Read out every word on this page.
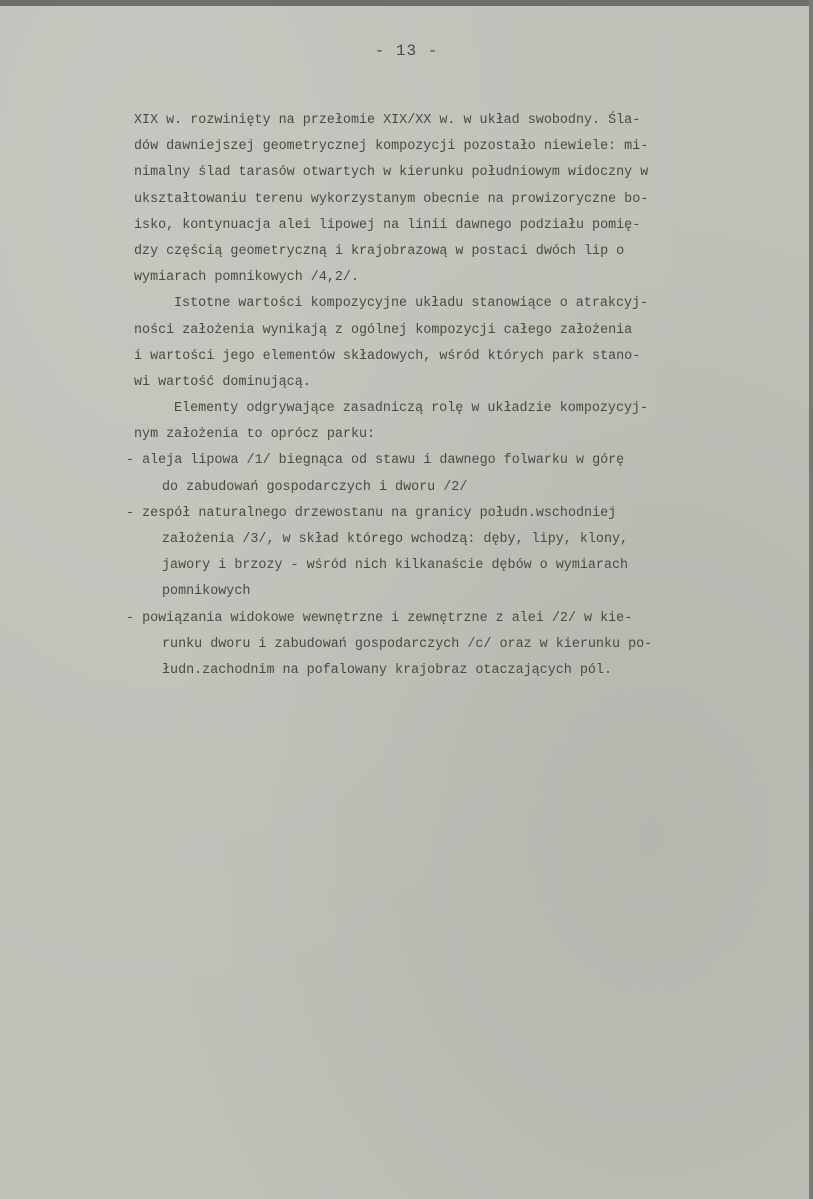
- 13 -
XIX w. rozwinięty na przełomie XIX/XX w. w układ swobodny. Śla-
dów dawniejszej geometrycznej kompozycji pozostało niewiele: mi-
nimalny ślad tarasów otwartych w kierunku południowym widoczny w
ukształtowaniu terenu wykorzystanym obecnie na prowizoryczne bo-
isko, kontynuacja alei lipowej na linii dawnego podziału pomię-
dzy częścią geometryczną i krajobrazową w postaci dwóch lip o
wymiarach pomnikowych /4,2/.
Istotne wartości kompozycyjne układu stanowiące o atrakcyj-
ności założenia wynikają z ogólnej kompozycji całego założenia
i wartości jego elementów składowych, wśród których park stano-
wi wartość dominującą.
Elementy odgrywające zasadniczą rolę w układzie kompozycyj-
nym założenia to oprócz parku:
- aleja lipowa /1/ biegnąca od stawu i dawnego folwarku w górę
do zabudowań gospodarczych i dworu /2/
- zespół naturalnego drzewostanu na granicy połudn.wschodniej
założenia /3/, w skład którego wchodzą: dęby, lipy, klony,
jawory i brzozy - wśród nich kilkanaście dębów o wymiarach
pomnikowych
- powiązania widokowe wewnętrzne i zewnętrzne z alei /2/ w kie-
runku dworu i zabudowań gospodarczych /c/ oraz w kierunku po-
łudn.zachodnim na pofalowany krajobraz otaczających pól.
